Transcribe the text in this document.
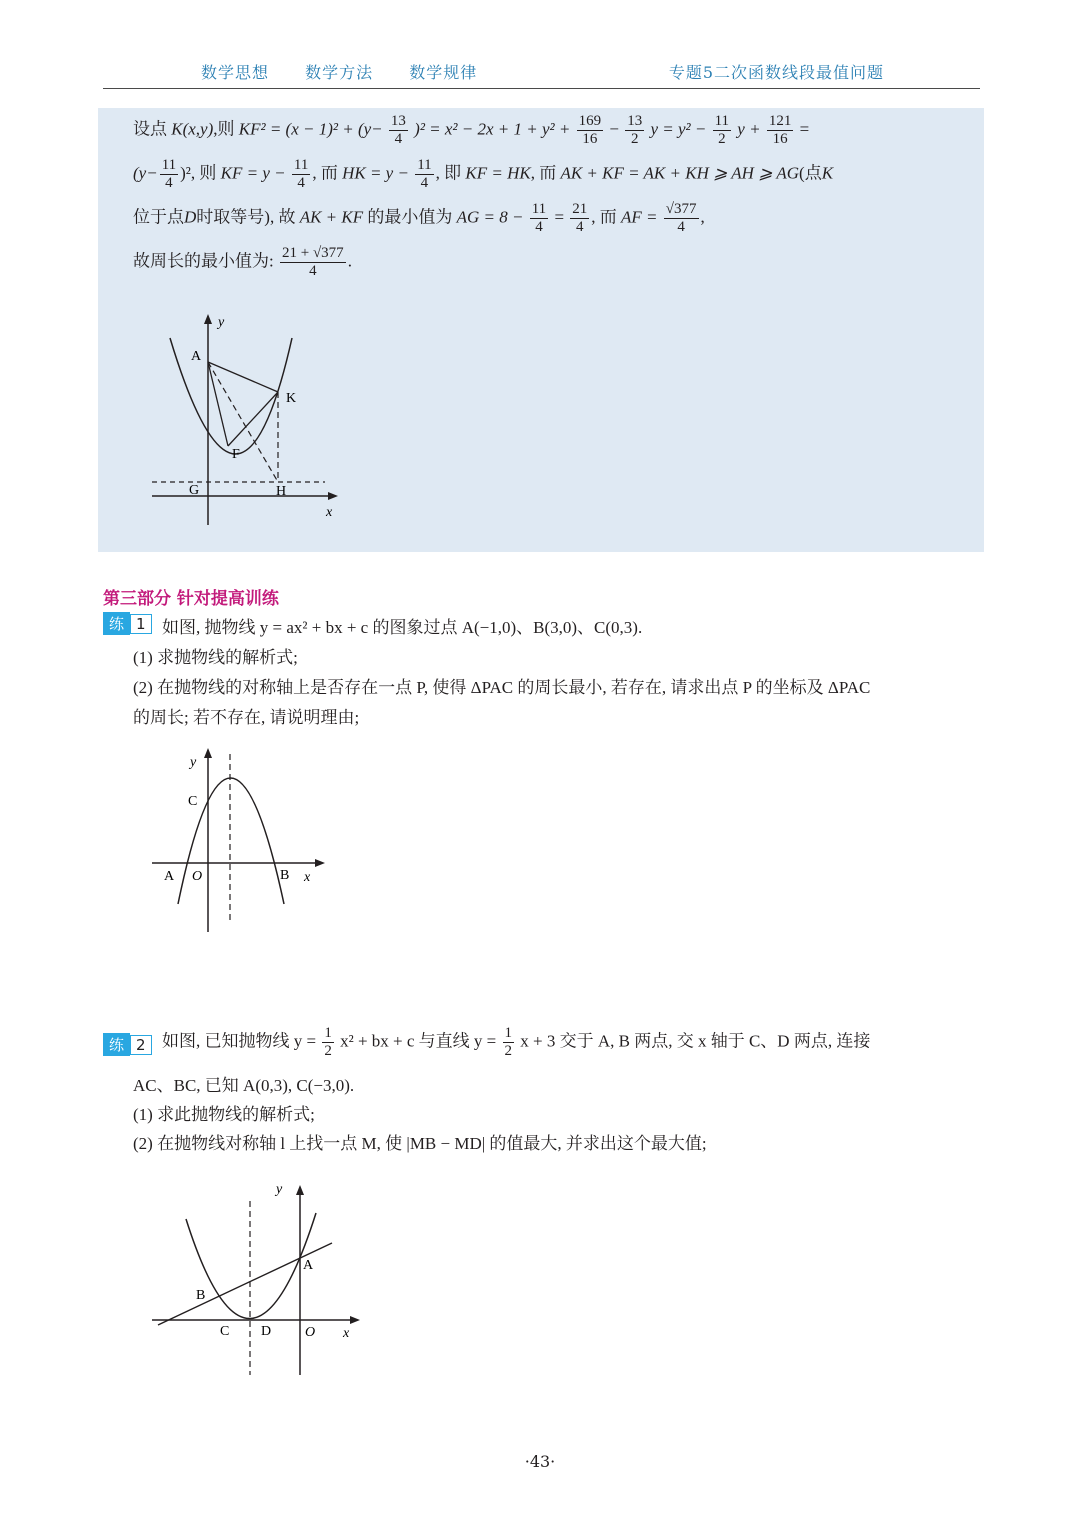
数学思想 数学方法 数学规律	专题5二次函数线段最值问题
设点 K(x,y),则 $KF^2 = (x - 1)^2 + (y- \frac{13}{4} )^2 = x^2 - 2x + 1 + y^2 + \frac{169}{16} - \frac{13}{2}$ $y = y^2 - \frac{11}{2}$ $y + \frac{121}{16}$ =
$(y- \frac{11}{4} )^2$, 则 KF = $y - \frac{11}{4}$ , 而 HK = $y - \frac{11}{4}$ , 即 KF = HK, 而 AK + KF = AK + KH ⩾ AH ⩾ AG(点K
位于点D时取等号), 故 AK + KF 的最小值为 AG = $8 - \frac{11}{4} = \frac{21}{4}$ , 而 AF = $\frac{√377}{4}$ ,
故周长的最小值为: $\frac{21 + √377}{4}$ .
y
A
K
F
G	H
x
第三部分 针对提高训练
练 1 如图, 抛物线 y = ax² + bx + c 的图象过点 A(−1,0)、B(3,0)、C(0,3).
(1) 求抛物线的解析式;
(2) 在抛物线的对称轴上是否存在一点 P, 使得 ΔPAC 的周长最小, 若存在, 请求出点 P 的坐标及 ΔPAC
的周长; 若不存在, 请说明理由;
y
C
A O	B x
练 2 如图, 已知抛物线 $y = \frac{1}{2} x^2$ + bx + c 与直线 $y = \frac{1}{2}$ x + 3 交于 A, B 两点, 交 x 轴于 C、D 两点, 连接
AC、BC, 已知 A(0,3), C(−3,0).
(1) 求此抛物线的解析式;
(2) 在抛物线对称轴 l 上找一点 M, 使 |MB − MD| 的值最大, 并求出这个最大值;
y
A
B
C D O x
·43·
